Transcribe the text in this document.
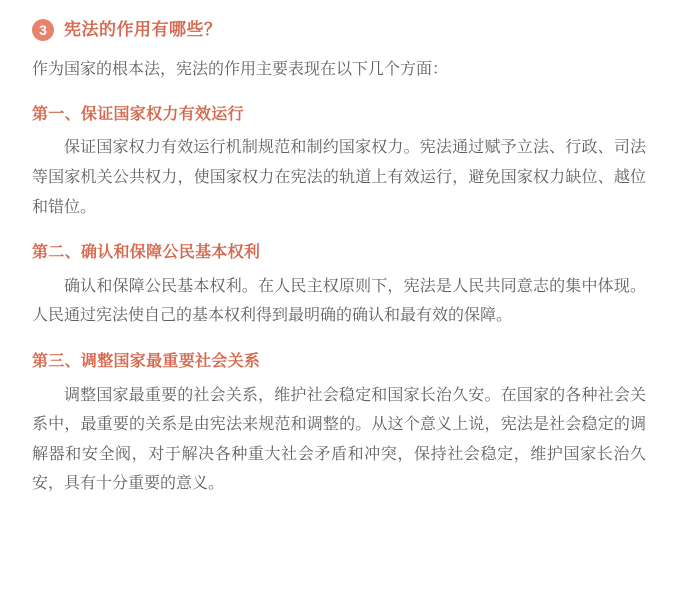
3	宪法的作用有哪些？

作为国家的根本法，宪法的作用主要表现在以下几个方面：

第一、保证国家权力有效运行

保证国家权力有效运行机制规范和制约国家权力。宪法通过赋予立法、行政、司法等国家机关公共权力，使国家权力在宪法的轨道上有效运行，避免国家权力缺位、越位和错位。

第二、确认和保障公民基本权利

确认和保障公民基本权利。在人民主权原则下，宪法是人民共同意志的集中体现。人民通过宪法使自己的基本权利得到最明确的确认和最有效的保障。

第三、调整国家最重要社会关系

调整国家最重要的社会关系，维护社会稳定和国家长治久安。在国家的各种社会关系中，最重要的关系是由宪法来规范和调整的。从这个意义上说，宪法是社会稳定的调解器和安全阀，对于解决各种重大社会矛盾和冲突，保持社会稳定，维护国家长治久安，具有十分重要的意义。
